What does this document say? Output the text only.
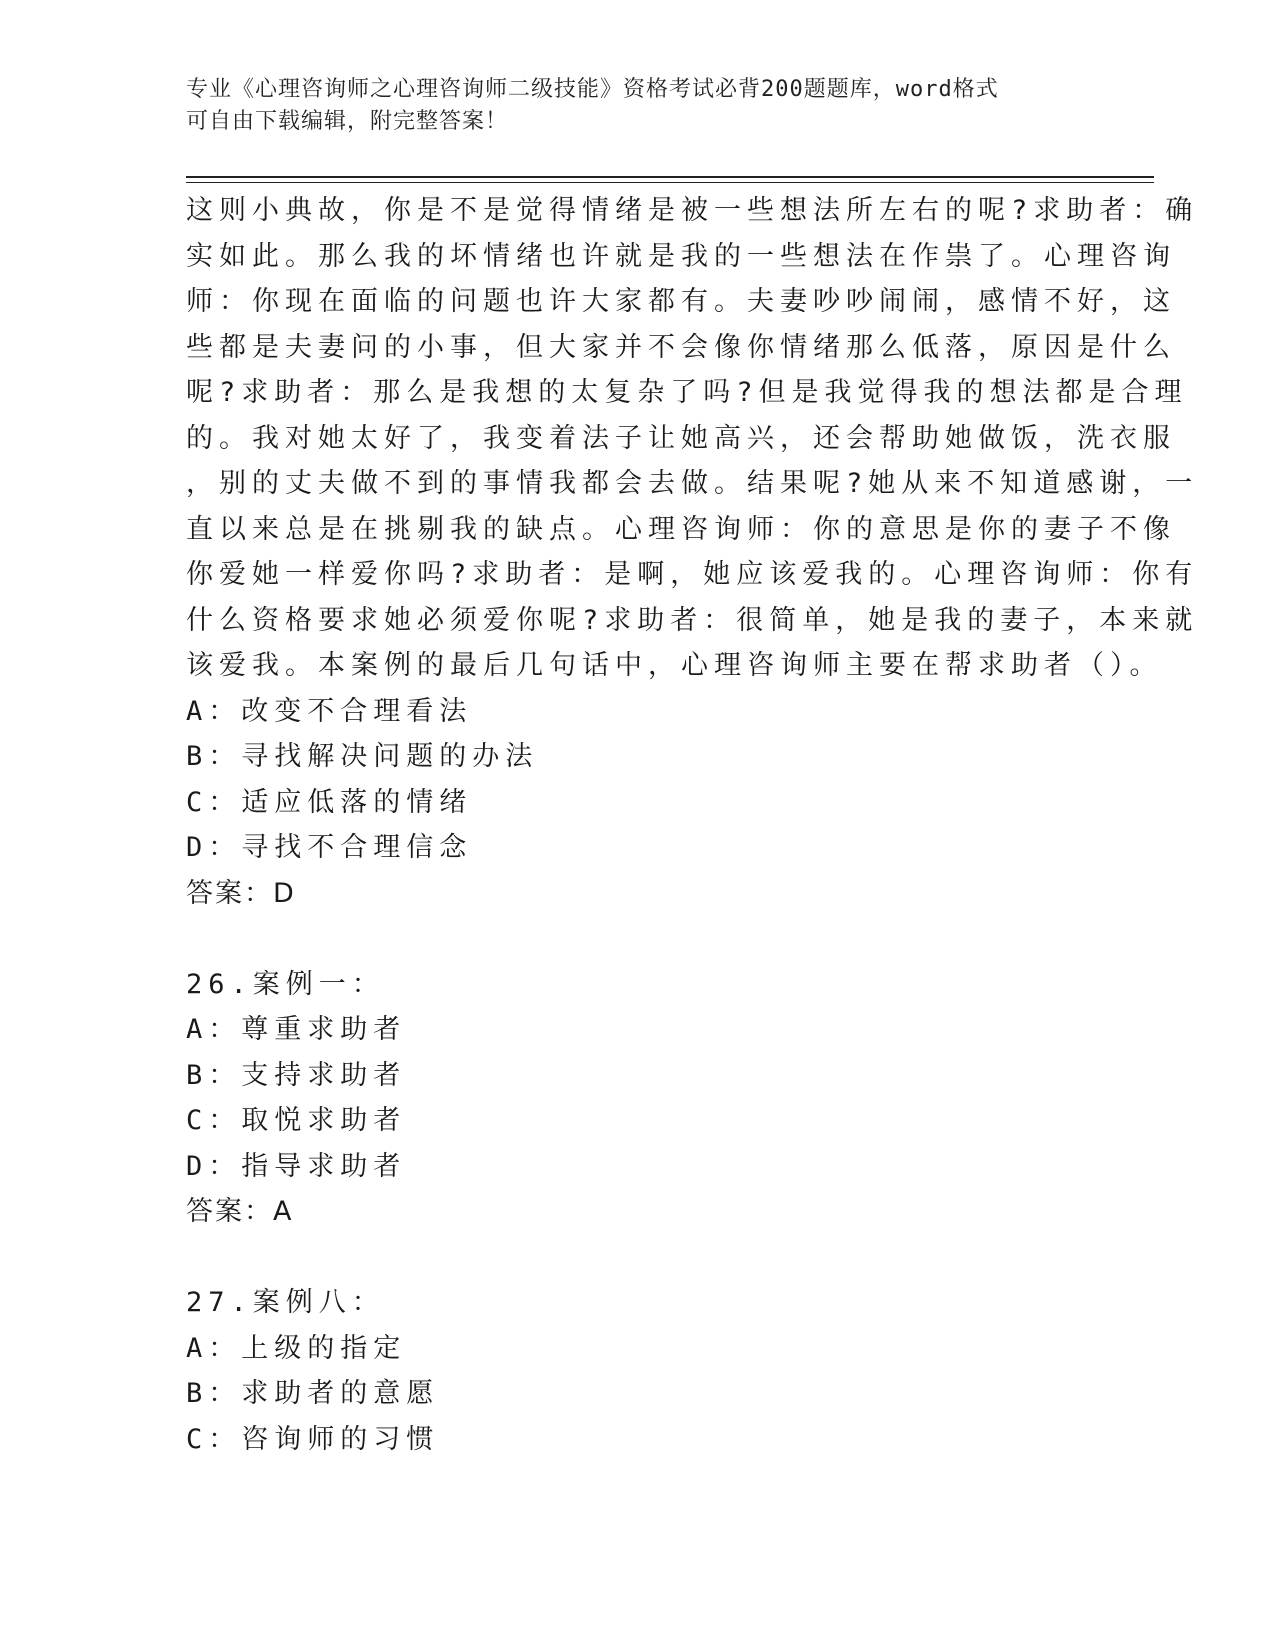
专业《心理咨询师之心理咨询师二级技能》资格考试必背200题题库，word格式
可自由下载编辑，附完整答案！
这则小典故，你是不是觉得情绪是被一些想法所左右的呢?求助者：确
实如此。那么我的坏情绪也许就是我的一些想法在作祟了。心理咨询
师：你现在面临的问题也许大家都有。夫妻吵吵闹闹，感情不好，这
些都是夫妻问的小事，但大家并不会像你情绪那么低落，原因是什么
呢?求助者：那么是我想的太复杂了吗?但是我觉得我的想法都是合理
的。我对她太好了，我变着法子让她高兴，还会帮助她做饭，洗衣服
，别的丈夫做不到的事情我都会去做。结果呢?她从来不知道感谢，一
直以来总是在挑剔我的缺点。心理咨询师：你的意思是你的妻子不像
你爱她一样爱你吗?求助者：是啊，她应该爱我的。心理咨询师：你有
什么资格要求她必须爱你呢?求助者：很简单，她是我的妻子，本来就
该爱我。本案例的最后几句话中，心理咨询师主要在帮求助者（）。
A：改变不合理看法
B：寻找解决问题的办法
C：适应低落的情绪
D：寻找不合理信念
答案：D
26.案例一：
A：尊重求助者
B：支持求助者
C：取悦求助者
D：指导求助者
答案：A
27.案例八：
A：上级的指定
B：求助者的意愿
C：咨询师的习惯
